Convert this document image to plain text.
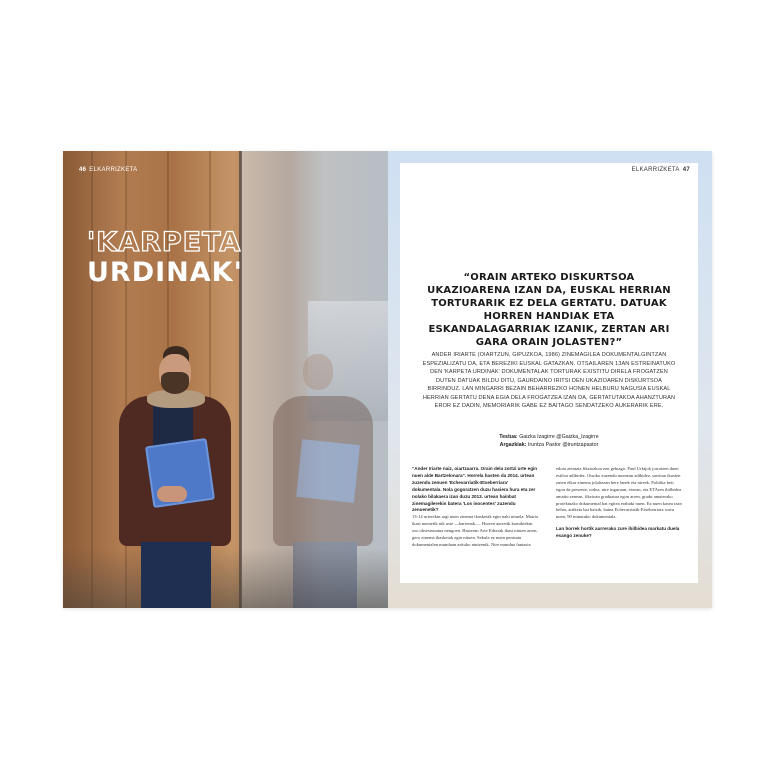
46 ELKARRIZKETA
'KARPETA
URDINAK'
ELKARRIZKETA 47
“ORAIN ARTEKO DISKURTSOA UKAZIOARENA IZAN DA, EUSKAL HERRIAN TORTURARIK EZ DELA GERTATU. DATUAK HORREN HANDIAK ETA ESKANDALAGARRIAK IZANIK, ZERTAN ARI GARA ORAIN JOLASTEN?”
ANDER IRIARTE (OIARTZUN, GIPUZKOA, 1986) ZINEMAGILEA DOKUMENTALGINTZAN ESPEZIALIZATU DA, ETA BEREZIKI EUSKAL GATAZKAN. OTSAILAREN 13AN ESTREINATUKO DEN 'KARPETA URDINAK' DOKUMENTALAK TORTURAK EXISTITU DIRELA FROGATZEN DUTEN DATUAK BILDU DITU, GAURDAINO IRITSI DEN UKAZIOAREN DISKURTSOA BIRRINDUZ. LAN MINGARRI BEZAIN BEHARREZKO HONEN HELBURU NAGUSIA EUSKAL HERRIAN GERTATU DENA EGIA DELA FROGATZEA IZAN DA, GERTATUTAKOA AHANZTURAN EROR EZ DADIN, MEMORIARIK GABE EZ BAITAGO SENDATZEKO AUKERARIK ERE.
Testua: Gaizka Izagirre @Gaizka_Izagirre
Argazkiak: Iruntza Pastor @iruntzapastor
“Ander Iriarte naiz, oiartzuarra. Orain dela zortzi urte egin nuen alde Bartzelonara”. Horrela hasten da 2014. urtean zuzendu zenuen 'Echevarriatik-Etxeberriara' dokumentala. Nola gogoratzen duzu hasiera hura eta zer nolako bilakaera izan duzu 2013. urtean hainbat zinemagilerekin batera 'Los inocentes' zuzendu zenuenetik?
13-14 urterekin argi nuen zinema ikasketak egin nahi nituela. Matria ikasi nuenetik nik uste —barrenak—. Horren aurretik komikiekin oso obsesionatua nengoen. Hasieran Arte Ederrak ikasi nituen arren, gero zinema ikasketak egin nituen. Sekula ez nuen pentsatu dokumentalen munduan arituko nintzenik. Nire mundua fantasia
edota zientzia fikziozkoa zen gehiago. Paul Urkijok jorratzen duen estiloa adibidez. Otsoko zuzendu nuenean adibidez, sarritan ikusten zuten elkar zinema jolaltzean bere lanek eta nireek. Politika beti egon da presente, ordea, nire inguruan, etxean, eta ETAren ibilbidea amaitu zenean, fikzioan graduatua egon arren, gradu amaierako proiektuzko dokumental bat egitea erabaki nuen. Ez nuen kasea izan behar, artiketa bat baizik, baina Echevarriatik-Etxeberriara sortu nuen, 90 minutuko dokumentala.
Lan horrek hortik aurrerako zure ibilbidea markatu duela esango zenuke?
